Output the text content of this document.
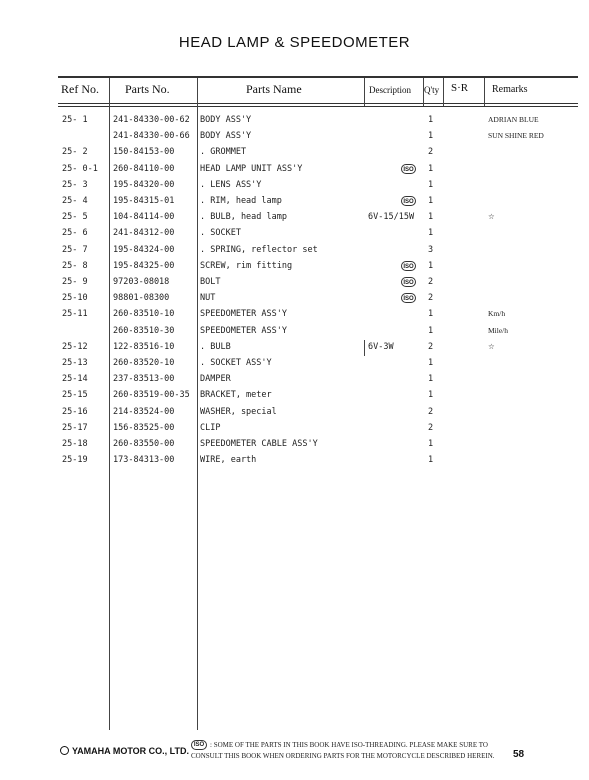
HEAD LAMP & SPEEDOMETER
Ref No. Parts No.	Parts Name	Description Q'ty S·R Remarks
25- 1	241-84330-00-62 BODY ASS'Y	1	ADRIAN BLUE
241-84330-00-66 BODY ASS'Y	1	SUN SHINE RED
25- 2	150-84153-00	. GROMMET	2
25- 0-1 260-84110-00	HEAD LAMP UNIT ASS'Y	1
ISO
25- 3	195-84320-00	. LENS ASS'Y	1
25- 4	195-84315-01	. RIM, head lamp	1
ISO
25- 5	104-84114-00	. BULB, head lamp	6V-15/15W 1	☆
25- 6	241-84312-00	. SOCKET	1
25- 7	195-84324-00	. SPRING, reflector set	3
25- 8	195-84325-00	SCREW, rim fitting	1
ISO
25- 9	97203-08018	BOLT	2
ISO
25-10	98801-08300	NUT	2
ISO
25-11	260-83510-10	SPEEDOMETER ASS'Y	1	Km/h
260-83510-30	SPEEDOMETER ASS'Y	1	Mile/h
25-12	122-83516-10	. BULB	6V-3W	2	☆
25-13	260-83520-10	. SOCKET ASS'Y	1
25-14	237-83513-00	DAMPER	1
25-15	260-83519-00-35 BRACKET, meter	1
25-16	214-83524-00	WASHER, special	2
25-17	156-83525-00	CLIP	2
25-18	260-83550-00	SPEEDOMETER CABLE ASS'Y	1
25-19	173-84313-00	WIRE, earth	1
ISO : SOME OF THE PARTS IN THIS BOOK HAVE ISO-THREADING. PLEASE MAKE SURE TO
CONSULT THIS BOOK WHEN ORDERING PARTS FOR THE MOTORCYCLE DESCRIBED HEREIN.
YAMAHA MOTOR CO., LTD.	58
